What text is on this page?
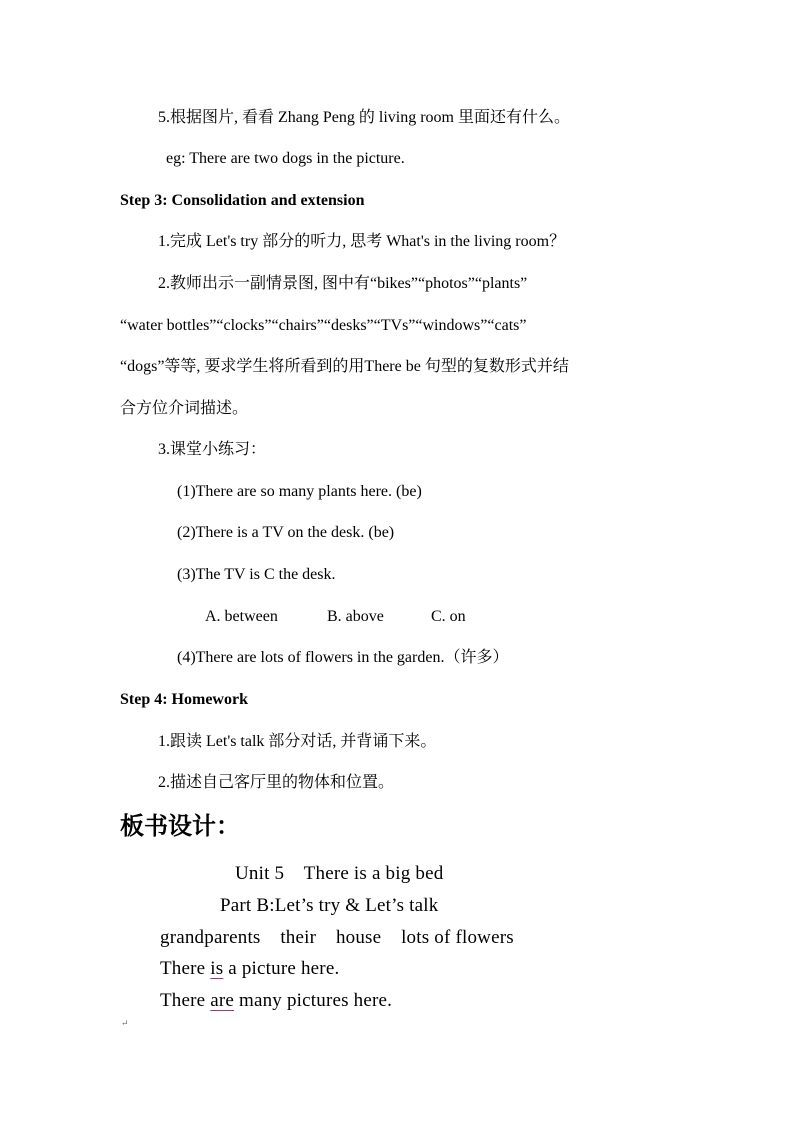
5.根据图片, 看看 Zhang Peng 的 living room 里面还有什么。
eg: There are two dogs in the picture.
Step 3: Consolidation and extension
1.完成 Let's try 部分的听力, 思考 What's in the living room？
2.教师出示一副情景图, 图中有“bikes”“photos”“plants”
“water bottles”“clocks”“chairs”“desks”“TVs”“windows”“cats”
“dogs”等等, 要求学生将所看到的用There be 句型的复数形式并结
合方位介词描述。
3.课堂小练习：
(1)There are so many plants here. (be)
(2)There is a TV on the desk. (be)
(3)The TV is C the desk.
A. between	B. above	C. on
(4)There are lots of flowers in the garden.（许多）
Step 4: Homework
1.跟读 Let's talk 部分对话, 并背诵下来。
2.描述自己客厅里的物体和位置。
板书设计：
Unit 5    There is a big bed
Part B:Let’s try & Let’s talk
grandparents    their    house    lots of flowers
There is a picture here.
There are many pictures here.
↵
